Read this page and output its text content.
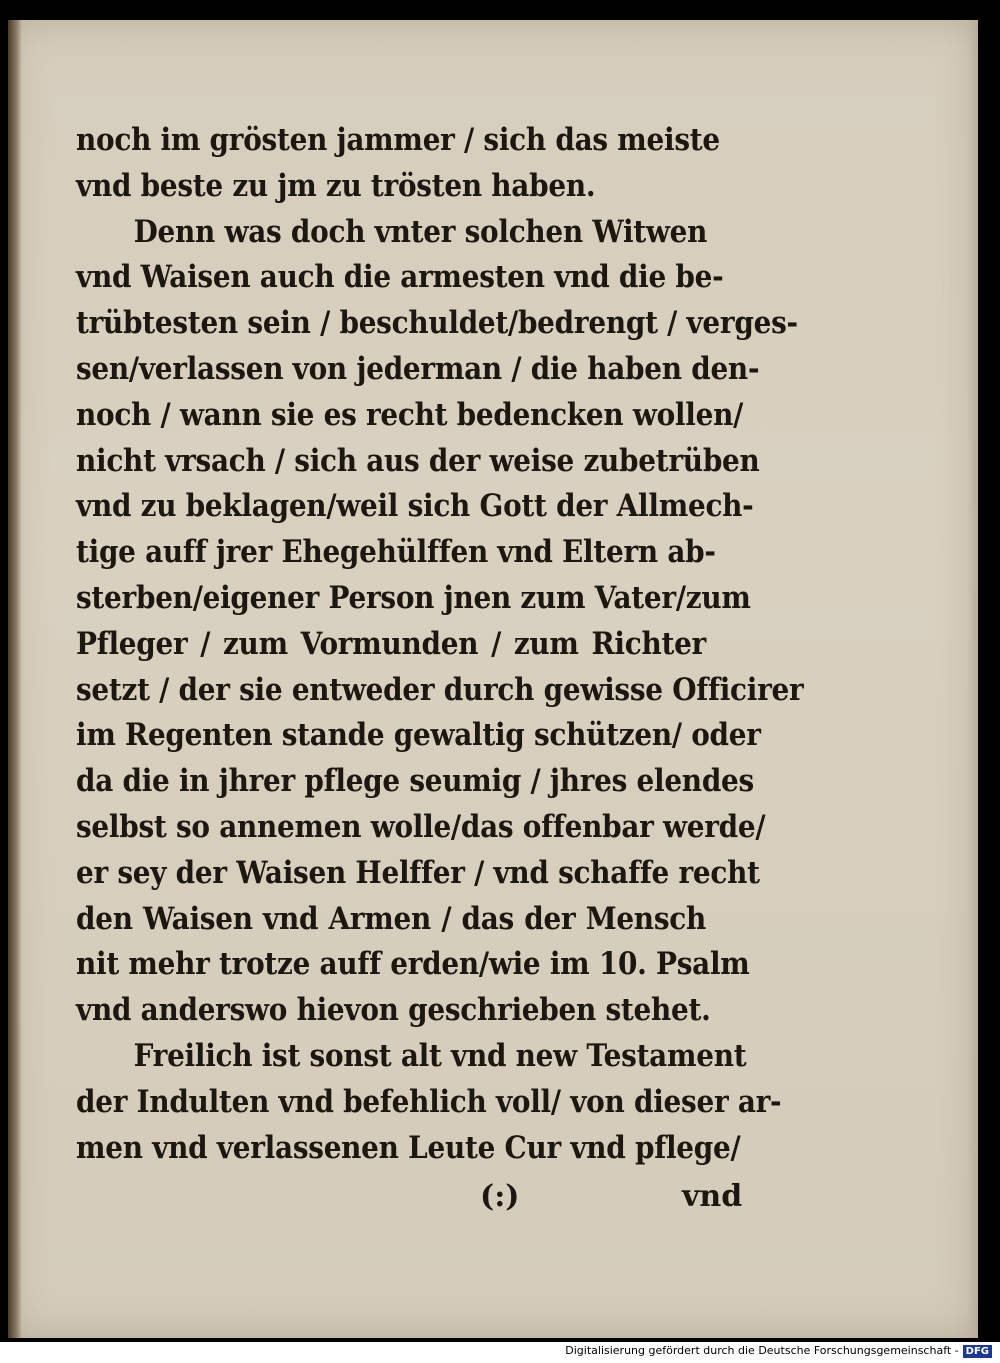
noch im grösten jammer / sich das meiste
vnd beste zu jm zu trösten haben.
Denn was doch vnter solchen Witwen
vnd Waisen auch die armesten vnd die be-
trübtesten sein / beschuldet/bedrengt / verges-
sen/verlassen von jederman / die haben den-
noch / wann sie es recht bedencken wollen/
nicht vrsach / sich aus der weise zubetrüben
vnd zu beklagen/weil sich Gott der Allmech-
tige auff jrer Ehegehülffen vnd Eltern ab-
sterben/eigener Person jnen zum Vater/zum
Pfleger / zum Vormunden / zum Richter
setzt / der sie entweder durch gewisse Officirer
im Regenten stande gewaltig schützen/ oder
da die in jhrer pflege seumig / jhres elendes
selbst so annemen wolle/das offenbar werde/
er sey der Waisen Helffer / vnd schaffe recht
den Waisen vnd Armen / das der Mensch
nit mehr trotze auff erden/wie im 10. Psalm
vnd anderswo hievon geschrieben stehet.
Freilich ist sonst alt vnd new Testament
der Indulten vnd befehlich voll/ von dieser ar-
men vnd verlassenen Leute Cur vnd pflege/
(:)	vnd
Digitalisierung gefördert durch die Deutsche Forschungsgemeinschaft - DFG
